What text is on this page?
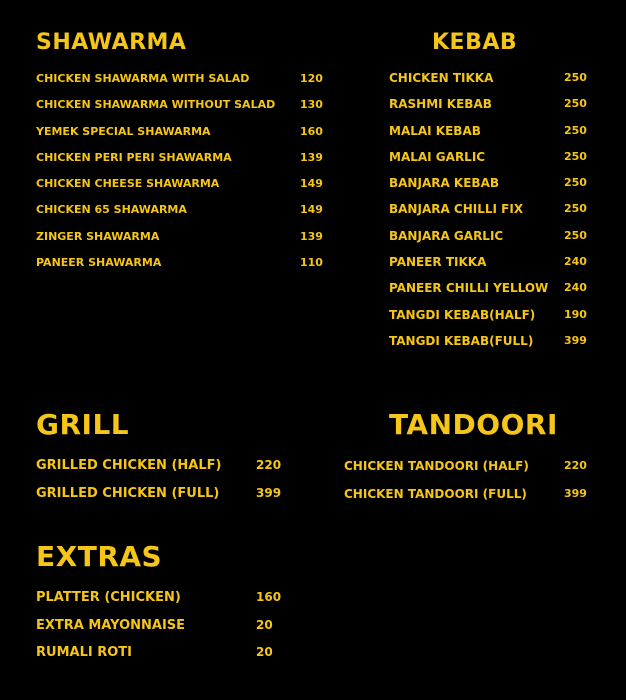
SHAWARMA
CHICKEN SHAWARMA WITH SALAD	120
CHICKEN SHAWARMA WITHOUT SALAD 130
YEMEK SPECIAL SHAWARMA	160
CHICKEN PERI PERI SHAWARMA	139
CHICKEN CHEESE SHAWARMA	149
CHICKEN 65 SHAWARMA	149
ZINGER SHAWARMA	139
PANEER SHAWARMA	110
KEBAB
CHICKEN TIKKA	250
RASHMI KEBAB	250
MALAI KEBAB	250
MALAI GARLIC	250
BANJARA KEBAB	250
BANJARA CHILLI FIX	250
BANJARA GARLIC	250
PANEER TIKKA	240
PANEER CHILLI YELLOW 240
TANGDI KEBAB(HALF)	190
TANGDI KEBAB(FULL)	399
GRILL
GRILLED CHICKEN (HALF)	220
GRILLED CHICKEN (FULL)	399
TANDOORI
CHICKEN TANDOORI (HALF)	220
CHICKEN TANDOORI (FULL)	399
EXTRAS
PLATTER (CHICKEN)	160
EXTRA MAYONNAISE	20
RUMALI ROTI	20
